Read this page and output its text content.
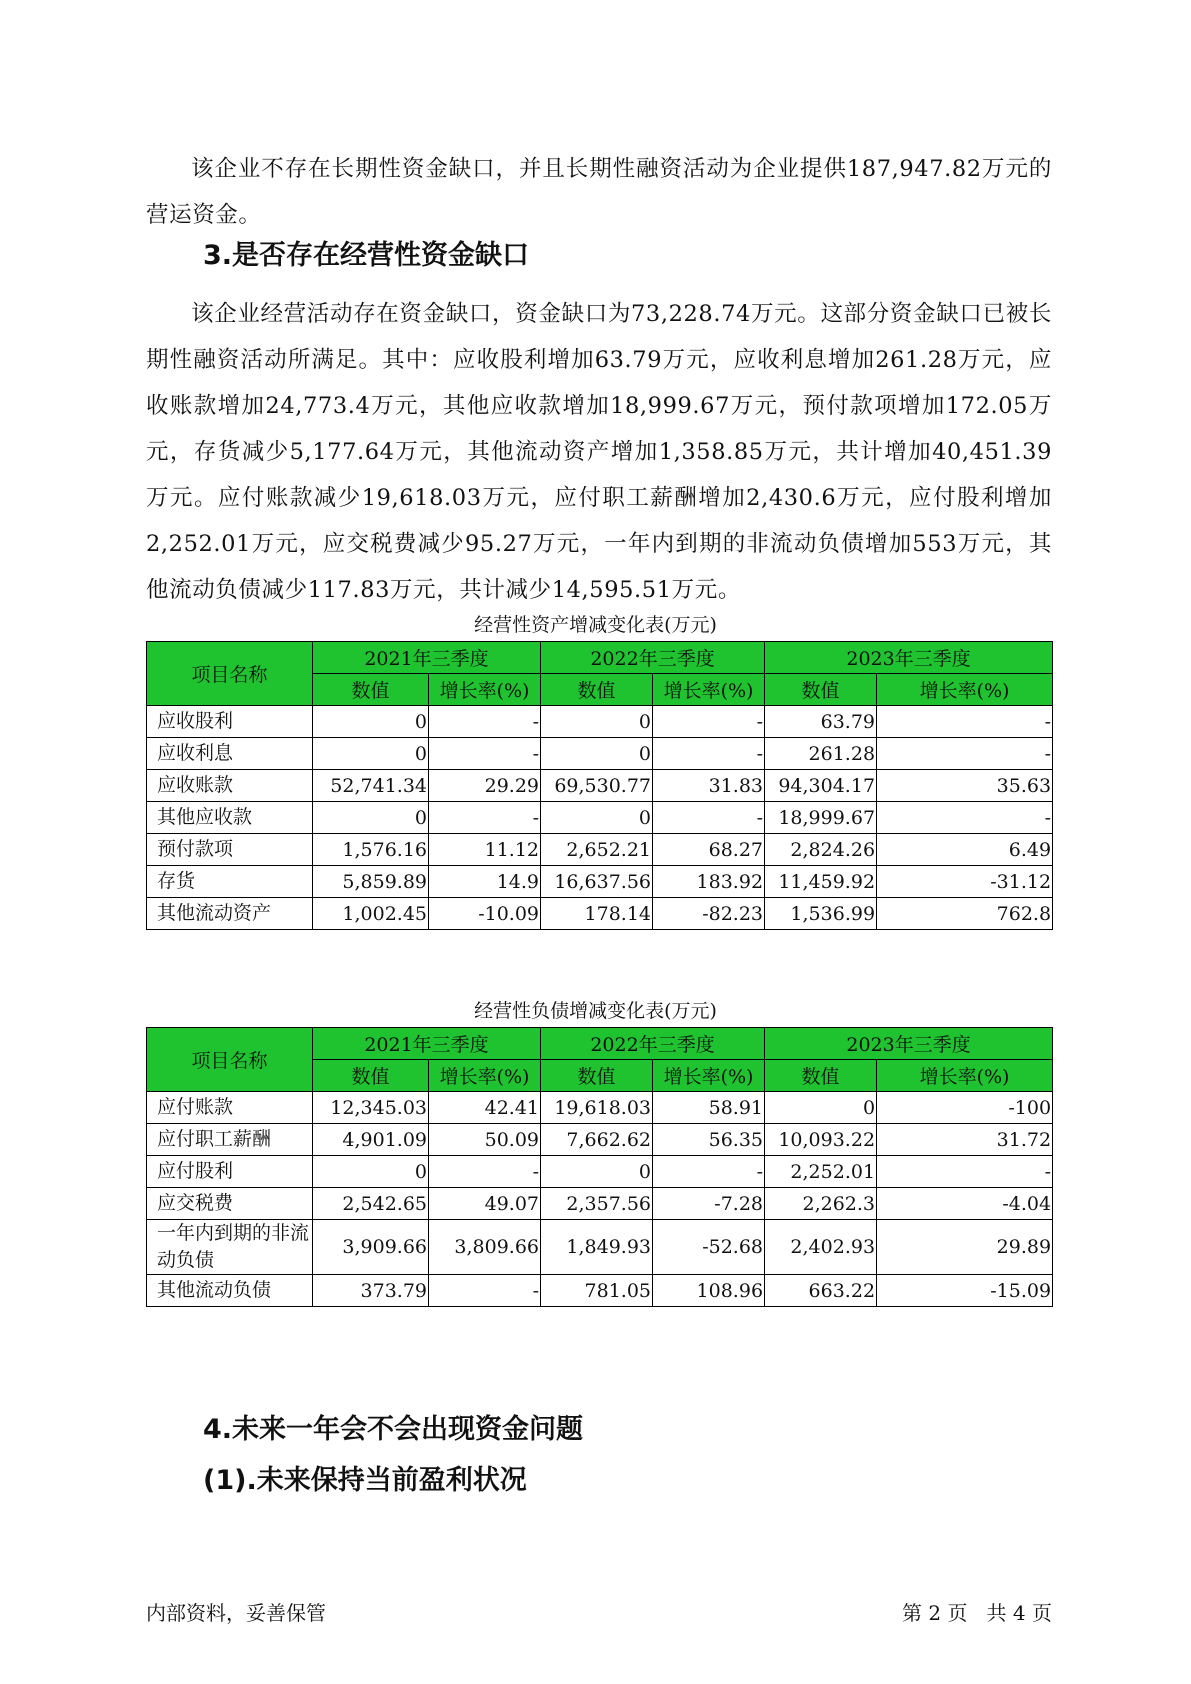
该企业不存在长期性资金缺口，并且长期性融资活动为企业提供187,947.82万元的营运资金。

3.是否存在经营性资金缺口

该企业经营活动存在资金缺口，资金缺口为73,228.74万元。这部分资金缺口已被长期性融资活动所满足。其中：应收股利增加63.79万元，应收利息增加261.28万元，应收账款增加24,773.4万元，其他应收款增加18,999.67万元，预付款项增加172.05万元，存货减少5,177.64万元，其他流动资产增加1,358.85万元，共计增加40,451.39万元。应付账款减少19,618.03万元，应付职工薪酬增加2,430.6万元，应付股利增加2,252.01万元，应交税费减少95.27万元，一年内到期的非流动负债增加553万元，其他流动负债减少117.83万元，共计减少14,595.51万元。

经营性资产增减变化表(万元)
项目名称	2021年三季度		2022年三季度		2023年三季度	
	数值	增长率(%)	数值	增长率(%)	数值	增长率(%)
应收股利	0	-	0	-	63.79	-
应收利息	0	-	0	-	261.28	-
应收账款	52,741.34	29.29	69,530.77	31.83	94,304.17	35.63
其他应收款	0	-	0	-	18,999.67	-
预付款项	1,576.16	11.12	2,652.21	68.27	2,824.26	6.49
存货	5,859.89	14.9	16,637.56	183.92	11,459.92	-31.12
其他流动资产	1,002.45	-10.09	178.14	-82.23	1,536.99	762.8
经营性负债增减变化表(万元)
项目名称	2021年三季度		2022年三季度		2023年三季度	
	数值	增长率(%)	数值	增长率(%)	数值	增长率(%)
应付账款	12,345.03	42.41	19,618.03	58.91	0	-100
应付职工薪酬	4,901.09	50.09	7,662.62	56.35	10,093.22	31.72
应付股利	0	-	0	-	2,252.01	-
应交税费	2,542.65	49.07	2,357.56	-7.28	2,262.3	-4.04
一年内到期的非流动负债	3,909.66	3,809.66	1,849.93	-52.68	2,402.93	29.89
其他流动负债	373.79	-	781.05	108.96	663.22	-15.09
4.未来一年会不会出现资金问题
(1).未来保持当前盈利状况
内部资料，妥善保管	第 2 页   共 4 页
